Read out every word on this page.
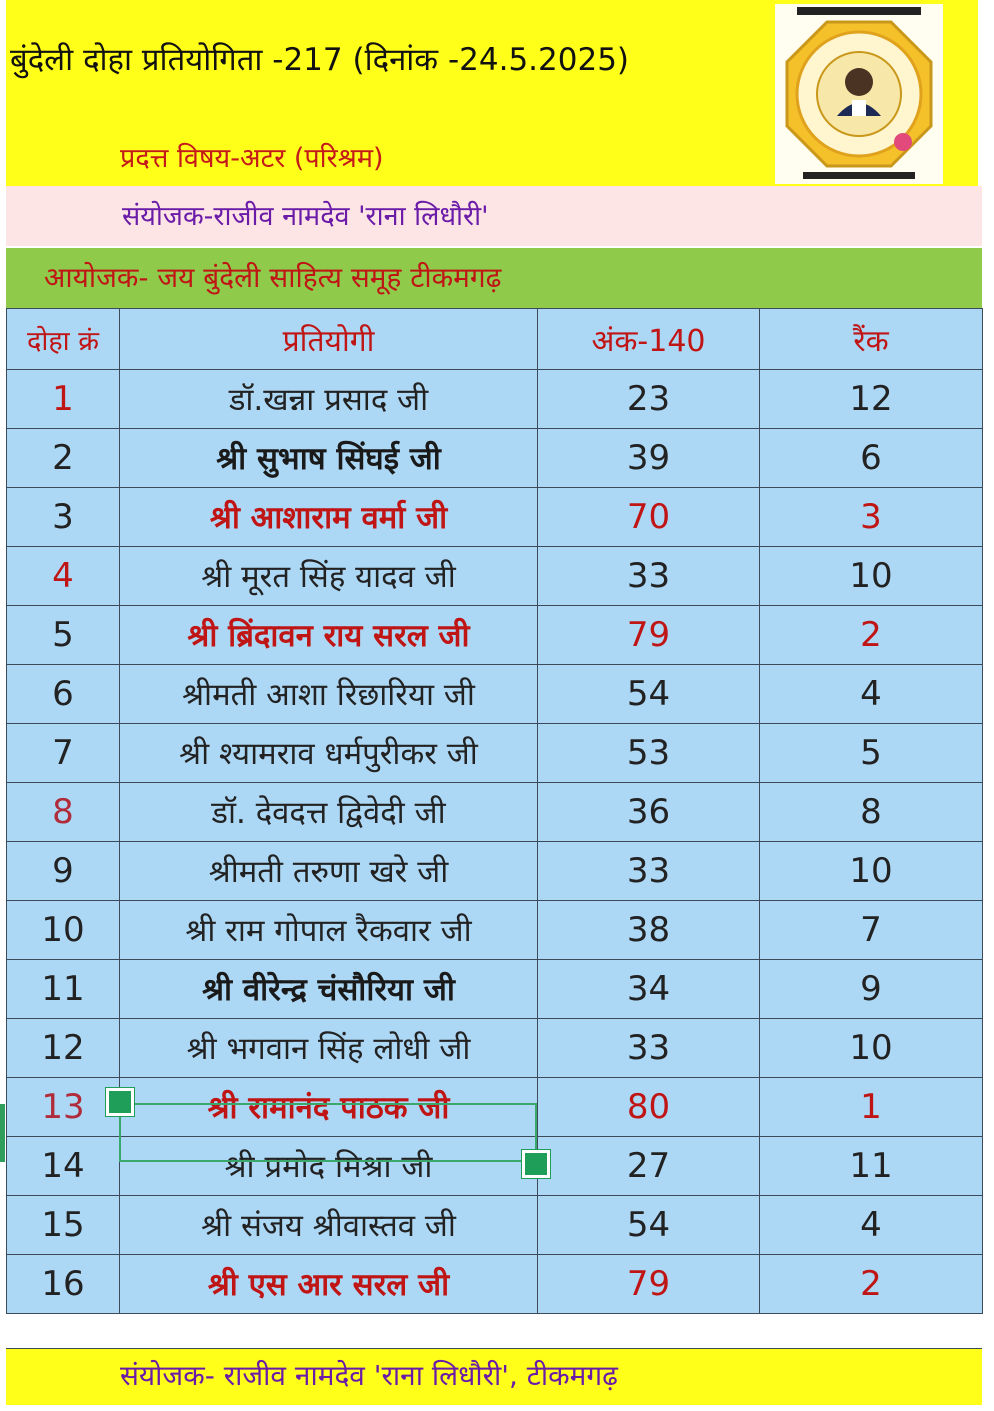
बुंदेली दोहा प्रतियोगिता -217 (दिनांक -24.5.2025)
प्रदत्त विषय-अटर (परिश्रम)
संयोजक-राजीव नामदेव 'राना लिधौरी'
आयोजक- जय बुंदेली साहित्य समूह टीकमगढ़
दोहा क्रं	प्रतियोगी	अंक-140	रैंक
1	डॉ.खन्ना प्रसाद जी	23	12
2	श्री सुभाष सिंघई जी	39	6
3	श्री आशाराम वर्मा जी	70	3
4	श्री मूरत सिंह यादव जी	33	10
5	श्री ब्रिंदावन राय सरल जी	79	2
6	श्रीमती आशा रिछारिया जी	54	4
7	श्री श्यामराव धर्मपुरीकर जी	53	5
8	डॉ. देवदत्त द्विवेदी जी	36	8
9	श्रीमती तरुणा खरे जी	33	10
10	श्री राम गोपाल रैकवार जी	38	7
11	श्री वीरेन्द्र चंसौरिया जी	34	9
12	श्री भगवान सिंह लोधी जी	33	10
13	श्री रामानंद पाठक जी	80	1
14	श्री प्रमोद मिश्रा जी	27	11
15	श्री संजय श्रीवास्तव जी	54	4
16	श्री एस आर सरल जी	79	2
संयोजक- राजीव नामदेव 'राना लिधौरी', टीकमगढ़
